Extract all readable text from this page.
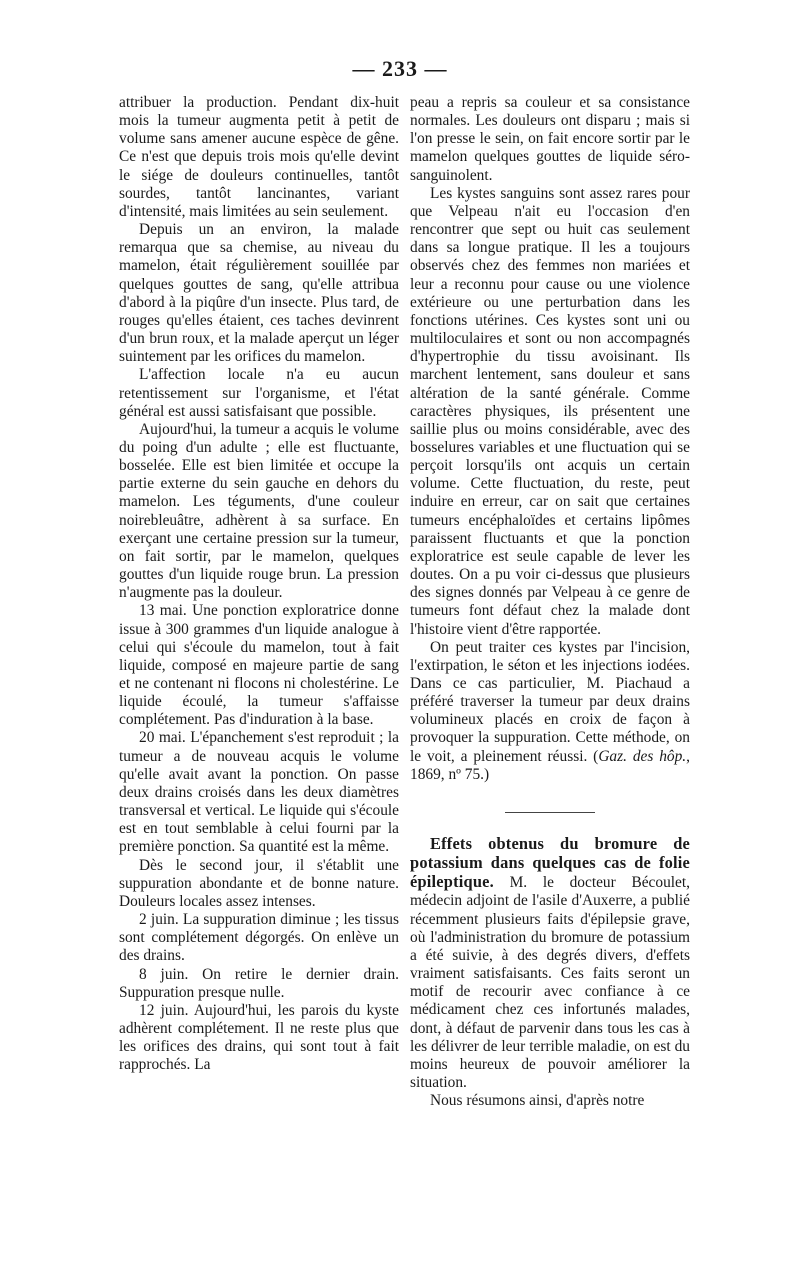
— 233 —

attribuer la production. Pendant dix-huit mois la tumeur augmenta petit à petit de volume sans amener aucune espèce de gêne. Ce n'est que depuis trois mois qu'elle devint le siége de douleurs continuelles, tantôt sourdes, tantôt lancinantes, variant d'intensité, mais limitées au sein seulement.

Depuis un an environ, la malade remarqua que sa chemise, au niveau du mamelon, était régulièrement souillée par quelques gouttes de sang, qu'elle attribua d'abord à la piqûre d'un insecte. Plus tard, de rouges qu'elles étaient, ces taches devinrent d'un brun roux, et la malade aperçut un léger suintement par les orifices du mamelon.

L'affection locale n'a eu aucun retentissement sur l'organisme, et l'état général est aussi satisfaisant que possible.

Aujourd'hui, la tumeur a acquis le volume du poing d'un adulte ; elle est fluctuante, bosselée. Elle est bien limitée et occupe la partie externe du sein gauche en dehors du mamelon. Les téguments, d'une couleur noirebleuâtre, adhèrent à sa surface. En exerçant une certaine pression sur la tumeur, on fait sortir, par le mamelon, quelques gouttes d'un liquide rouge brun. La pression n'augmente pas la douleur.

13 mai. Une ponction exploratrice donne issue à 300 grammes d'un liquide analogue à celui qui s'écoule du mamelon, tout à fait liquide, composé en majeure partie de sang et ne contenant ni flocons ni cholestérine. Le liquide écoulé, la tumeur s'affaisse complétement. Pas d'induration à la base.

20 mai. L'épanchement s'est reproduit ; la tumeur a de nouveau acquis le volume qu'elle avait avant la ponction. On passe deux drains croisés dans les deux diamètres transversal et vertical. Le liquide qui s'écoule est en tout semblable à celui fourni par la première ponction. Sa quantité est la même.

Dès le second jour, il s'établit une suppuration abondante et de bonne nature. Douleurs locales assez intenses.

2 juin. La suppuration diminue ; les tissus sont complétement dégorgés. On enlève un des drains.

8 juin. On retire le dernier drain. Suppuration presque nulle.

12 juin. Aujourd'hui, les parois du kyste adhèrent complétement. Il ne reste plus que les orifices des drains, qui sont tout à fait rapprochés. La

peau a repris sa couleur et sa consistance normales. Les douleurs ont disparu ; mais si l'on presse le sein, on fait encore sortir par le mamelon quelques gouttes de liquide séro-sanguinolent.

Les kystes sanguins sont assez rares pour que Velpeau n'ait eu l'occasion d'en rencontrer que sept ou huit cas seulement dans sa longue pratique. Il les a toujours observés chez des femmes non mariées et leur a reconnu pour cause ou une violence extérieure ou une perturbation dans les fonctions utérines. Ces kystes sont uni ou multiloculaires et sont ou non accompagnés d'hypertrophie du tissu avoisinant. Ils marchent lentement, sans douleur et sans altération de la santé générale. Comme caractères physiques, ils présentent une saillie plus ou moins considérable, avec des bosselures variables et une fluctuation qui se perçoit lorsqu'ils ont acquis un certain volume. Cette fluctuation, du reste, peut induire en erreur, car on sait que certaines tumeurs encéphaloïdes et certains lipômes paraissent fluctuants et que la ponction exploratrice est seule capable de lever les doutes. On a pu voir ci-dessus que plusieurs des signes donnés par Velpeau à ce genre de tumeurs font défaut chez la malade dont l'histoire vient d'être rapportée.

On peut traiter ces kystes par l'incision, l'extirpation, le séton et les injections iodées. Dans ce cas particulier, M. Piachaud a préféré traverser la tumeur par deux drains volumineux placés en croix de façon à provoquer la suppuration. Cette méthode, on le voit, a pleinement réussi. (Gaz. des hôp., 1869, nº 75.)

Effets obtenus du bromure de potassium dans quelques cas de folie épileptique. M. le docteur Bécoulet, médecin adjoint de l'asile d'Auxerre, a publié récemment plusieurs faits d'épilepsie grave, où l'administration du bromure de potassium a été suivie, à des degrés divers, d'effets vraiment satisfaisants. Ces faits seront un motif de recourir avec confiance à ce médicament chez ces infortunés malades, dont, à défaut de parvenir dans tous les cas à les délivrer de leur terrible maladie, on est du moins heureux de pouvoir améliorer la situation.

Nous résumons ainsi, d'après notre
